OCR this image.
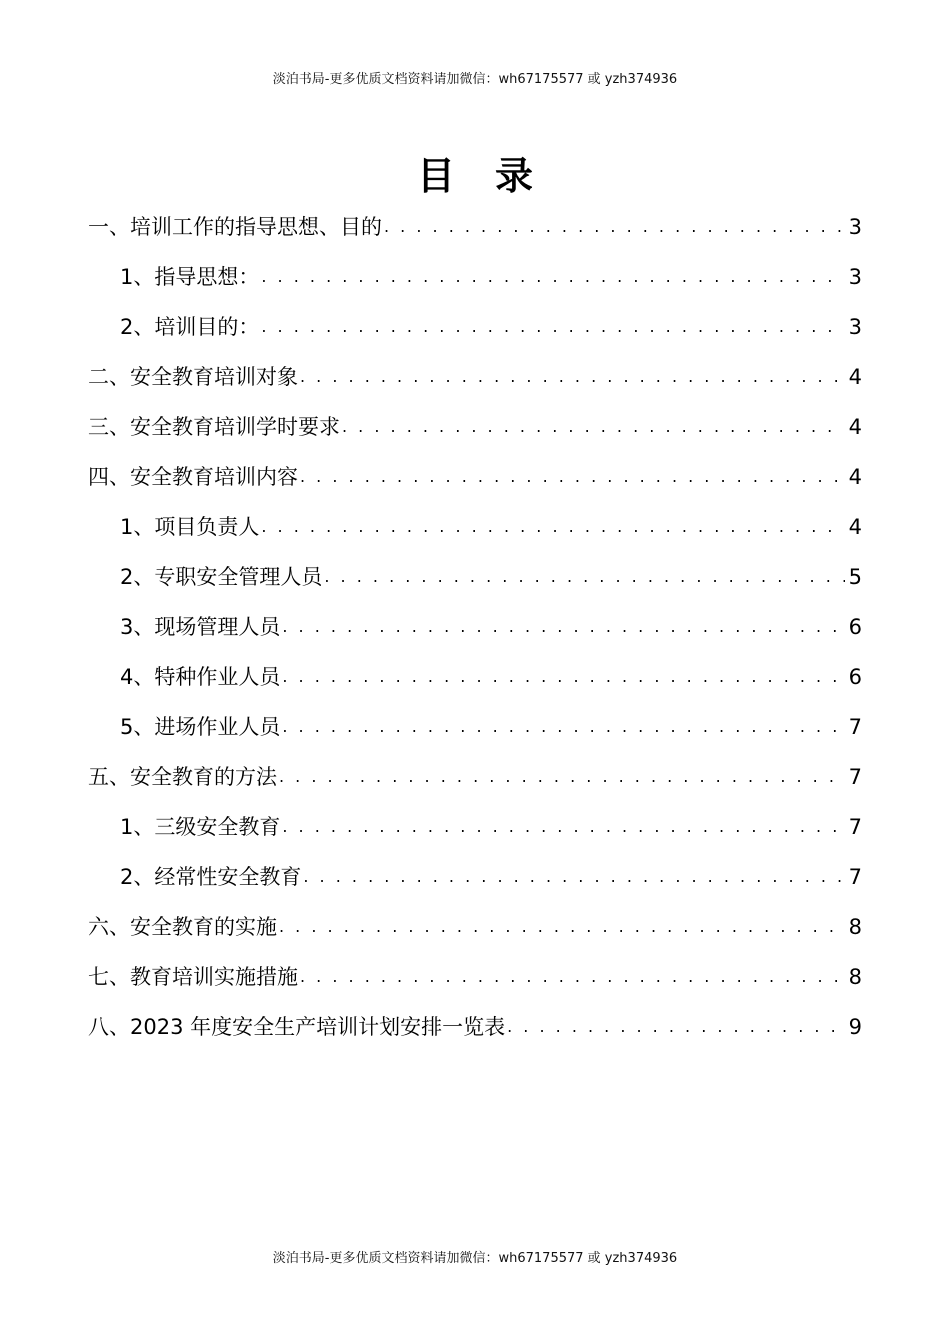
淡泊书局-更多优质文档资料请加微信：wh67175577 或 yzh374936
目录
一、培训工作的指导思想、目的 . . .	3
1、指导思想： . . .	3
2、培训目的： . . .	3
二、安全教育培训对象 . . .	4
三、安全教育培训学时要求 . . .	4
四、安全教育培训内容 . . .	4
1、项目负责人 . . .	4
2、专职安全管理人员 . . .	5
3、现场管理人员 . . .	6
4、特种作业人员 . . .	6
5、进场作业人员 . . .	7
五、安全教育的方法 . . .	7
1、三级安全教育 . . .	7
2、经常性安全教育 . . .	7
六、安全教育的实施 . . .	8
七、教育培训实施措施 . . .	8
八、2023 年度安全生产培训计划安排一览表 . . .	9
淡泊书局-更多优质文档资料请加微信：wh67175577 或 yzh374936
